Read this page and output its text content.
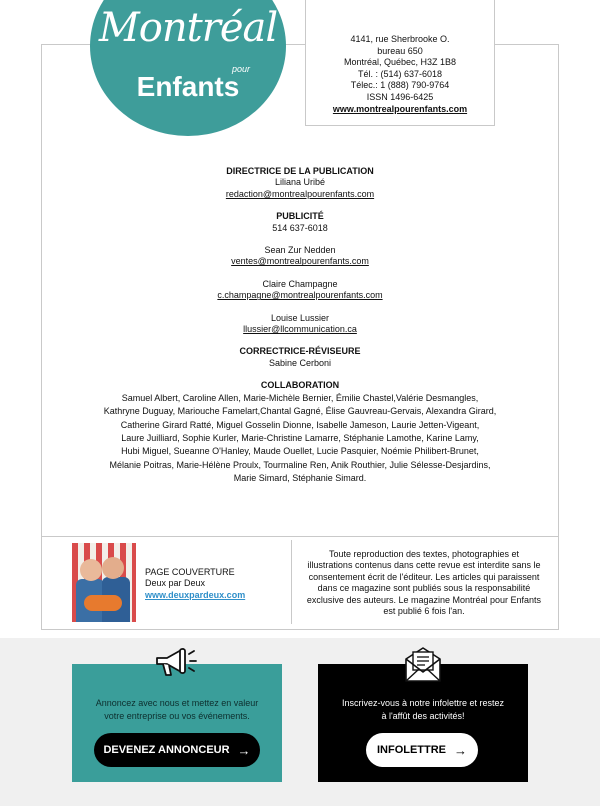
Montréal
pour
Enfants
4141, rue Sherbrooke O.
bureau 650
Montréal, Québec, H3Z 1B8
Tél. : (514) 637-6018
Télec.: 1 (888) 790-9764
ISSN 1496-6425
www.montrealpourenfants.com
DIRECTRICE DE LA PUBLICATION
Liliana Uribé
redaction@montrealpourenfants.com
PUBLICITÉ
514 637-6018
Sean Zur Nedden
ventes@montrealpourenfants.com
Claire Champagne
c.champagne@montrealpourenfants.com
Louise Lussier
llussier@llcommunication.ca
CORRECTRICE-RÉVISEURE
Sabine Cerboni
COLLABORATION
Samuel Albert, Caroline Allen, Marie-Michèle Bernier, Émilie Chastel,Valérie Desmangles,
Kathryne Duguay, Mariouche Famelart,Chantal Gagné, Élise Gauvreau-Gervais, Alexandra Girard,
Catherine Girard Ratté, Miguel Gosselin Dionne, Isabelle Jameson, Laurie Jetten-Vigeant,
Laure Juilliard, Sophie Kurler, Marie-Christine Lamarre, Stéphanie Lamothe, Karine Lamy,
Hubi Miguel, Sueanne O'Hanley, Maude Ouellet, Lucie Pasquier, Noémie Philibert-Brunet,
Mélanie Poitras, Marie-Hélène Proulx, Tourmaline Ren, Anik Routhier, Julie Sélesse-Desjardins,
Marie Simard, Stéphanie Simard.
PAGE COUVERTURE
Deux par Deux
www.deuxpardeux.com
Toute reproduction des textes, photographies et
illustrations contenus dans cette revue est interdite sans le
consentement écrit de l'éditeur. Les articles qui paraissent
dans ce magazine sont publiés sous la responsabilité
exclusive des auteurs. Le magazine Montréal pour Enfants
est publié 6 fois l'an.
Annoncez avec nous et mettez en valeur
votre entreprise ou vos événements.
DEVENEZ ANNONCEUR →
Inscrivez-vous à notre infolettre et restez
à l'affût des activités!
INFOLETTRE →
